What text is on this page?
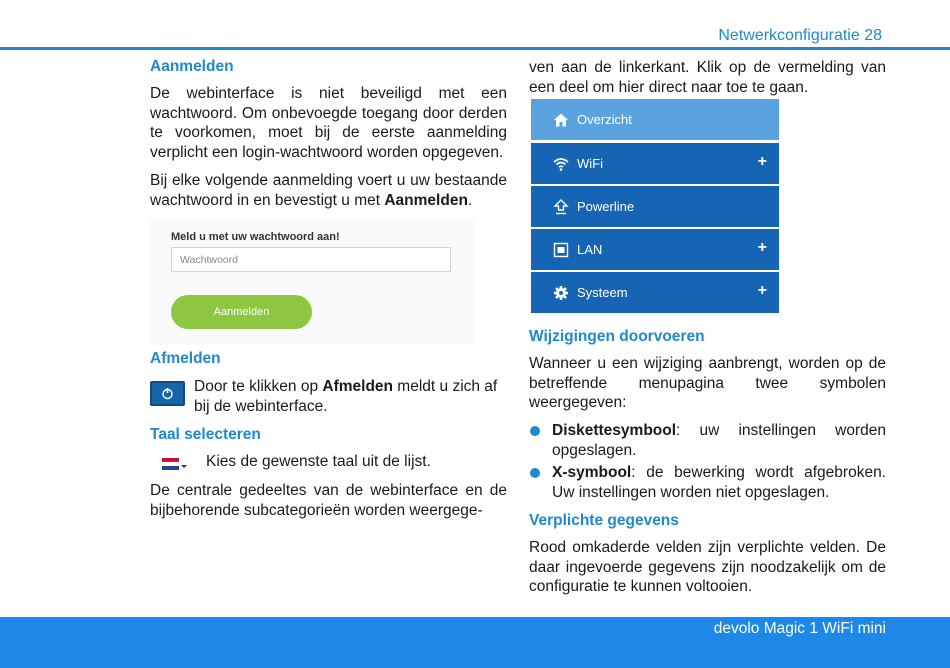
Netwerkconfiguratie 28
Aanmelden

De webinterface is niet beveiligd met een wachtwoord. Om onbevoegde toegang door derden te voorkomen, moet bij de eerste aanmelding verplicht een login-wachtwoord worden opgegeven.

Bij elke volgende aanmelding voert u uw bestaande wachtwoord in en bevestigt u met Aanmelden.

Meld u met uw wachtwoord aan!
Wachtwoord
Aanmelden
Afmelden

Door te klikken op Afmelden meldt u zich af bij de webinterface.

Taal selecteren

Kies de gewenste taal uit de lijst.

De centrale gedeeltes van de webinterface en de bijbehorende subcategorieën worden weergege-

ven aan de linkerkant. Klik op de vermelding van een deel om hier direct naar toe te gaan.

Overzicht
WiFi	+
Powerline
LAN	+
Systeem	+
Wijzigingen doorvoeren

Wanneer u een wijziging aanbrengt, worden op de betreffende menupagina twee symbolen weergegeven:

Diskettesymbool: uw instellingen worden opgeslagen.

X-symbool: de bewerking wordt afgebroken. Uw instellingen worden niet opgeslagen.

Verplichte gegevens

Rood omkaderde velden zijn verplichte velden. De daar ingevoerde gegevens zijn noodzakelijk om de configuratie te kunnen voltooien.

devolo Magic 1 WiFi mini
